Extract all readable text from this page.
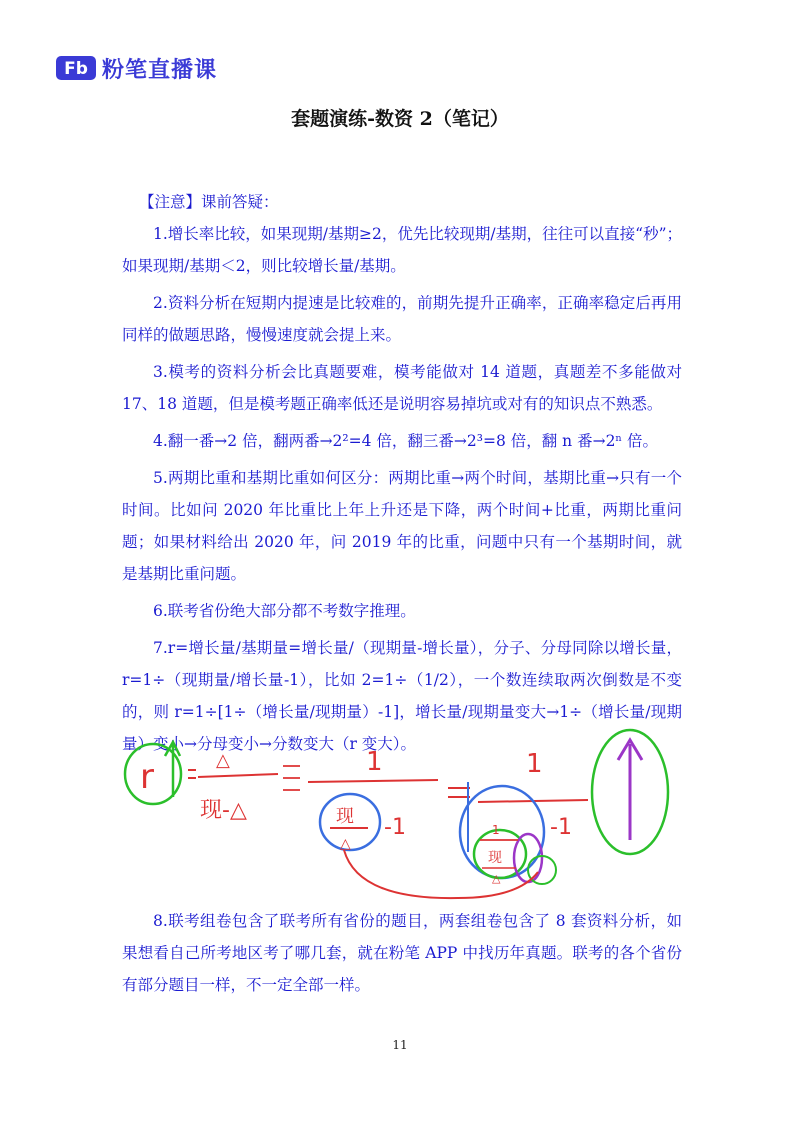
Fb 粉笔直播课
套题演练-数资 2（笔记）

【注意】课前答疑：

1.增长率比较，如果现期/基期≥2，优先比较现期/基期，往往可以直接“秒”；如果现期/基期＜2，则比较增长量/基期。

2.资料分析在短期内提速是比较难的，前期先提升正确率，正确率稳定后再用同样的做题思路，慢慢速度就会提上来。

3.模考的资料分析会比真题要难，模考能做对 14 道题，真题差不多能做对 17、18 道题，但是模考题正确率低还是说明容易掉坑或对有的知识点不熟悉。

4.翻一番→2 倍，翻两番→2²=4 倍，翻三番→2³=8 倍，翻 n 番→2ⁿ 倍。

5.两期比重和基期比重如何区分：两期比重→两个时间，基期比重→只有一个时间。比如问 2020 年比重比上年上升还是下降，两个时间+比重，两期比重问题；如果材料给出 2020 年，问 2019 年的比重，问题中只有一个基期时间，就是基期比重问题。

6.联考省份绝大部分都不考数字推理。

7.r=增长量/基期量=增长量/（现期量-增长量），分子、分母同除以增长量，r=1÷（现期量/增长量-1），比如 2=1÷（1/2），一个数连续取两次倒数是不变的，则 r=1÷[1÷（增长量/现期量）-1]，增长量/现期量变大→1÷（增长量/现期量）变小→分母变小→分数变大（r 变大）。

r	△
现-△
1
现
△
-1
1
1
现
△
-1

8.联考组卷包含了联考所有省份的题目，两套组卷包含了 8 套资料分析，如果想看自己所考地区考了哪几套，就在粉笔 APP 中找历年真题。联考的各个省份有部分题目一样，不一定全部一样。

11
